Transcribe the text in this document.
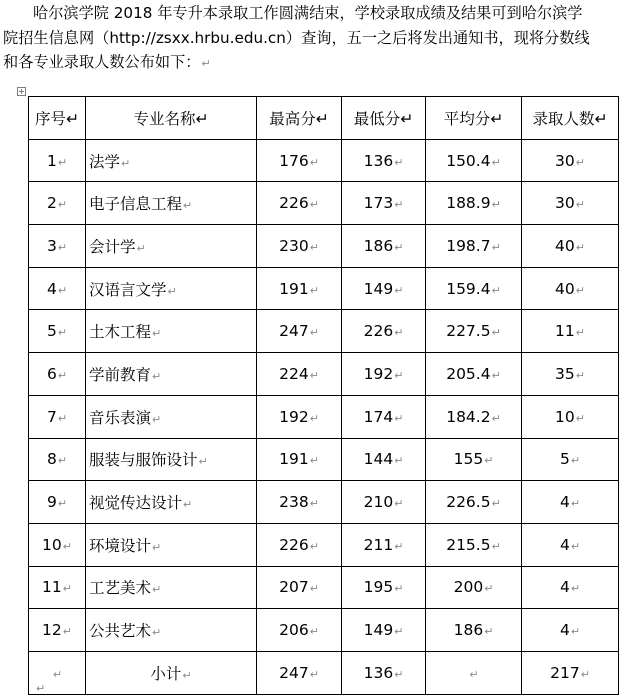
哈尔滨学院 2018 年专升本录取工作圆满结束，学校录取成绩及结果可到哈尔滨学
院招生信息网（http://zsxx.hrbu.edu.cn）查询，五一之后将发出通知书，现将分数线
和各专业录取人数公布如下：↵
序号↵	专业名称↵	最高分↵	最低分↵	平均分↵	录取人数↵
1↵	法学↵	176↵	136↵	150.4↵	30↵
2↵	电子信息工程↵	226↵	173↵	188.9↵	30↵
3↵	会计学↵	230↵	186↵	198.7↵	40↵
4↵	汉语言文学↵	191↵	149↵	159.4↵	40↵
5↵	土木工程↵	247↵	226↵	227.5↵	11↵
6↵	学前教育↵	224↵	192↵	205.4↵	35↵
7↵	音乐表演↵	192↵	174↵	184.2↵	10↵
8↵	服装与服饰设计↵	191↵	144↵	155↵	5↵
9↵	视觉传达设计↵	238↵	210↵	226.5↵	4↵
10↵	环境设计↵	226↵	211↵	215.5↵	4↵
11↵	工艺美术↵	207↵	195↵	200↵	4↵
12↵	公共艺术↵	206↵	149↵	186↵	4↵
↵	小计↵	247↵	136↵	↵	217↵
↵
